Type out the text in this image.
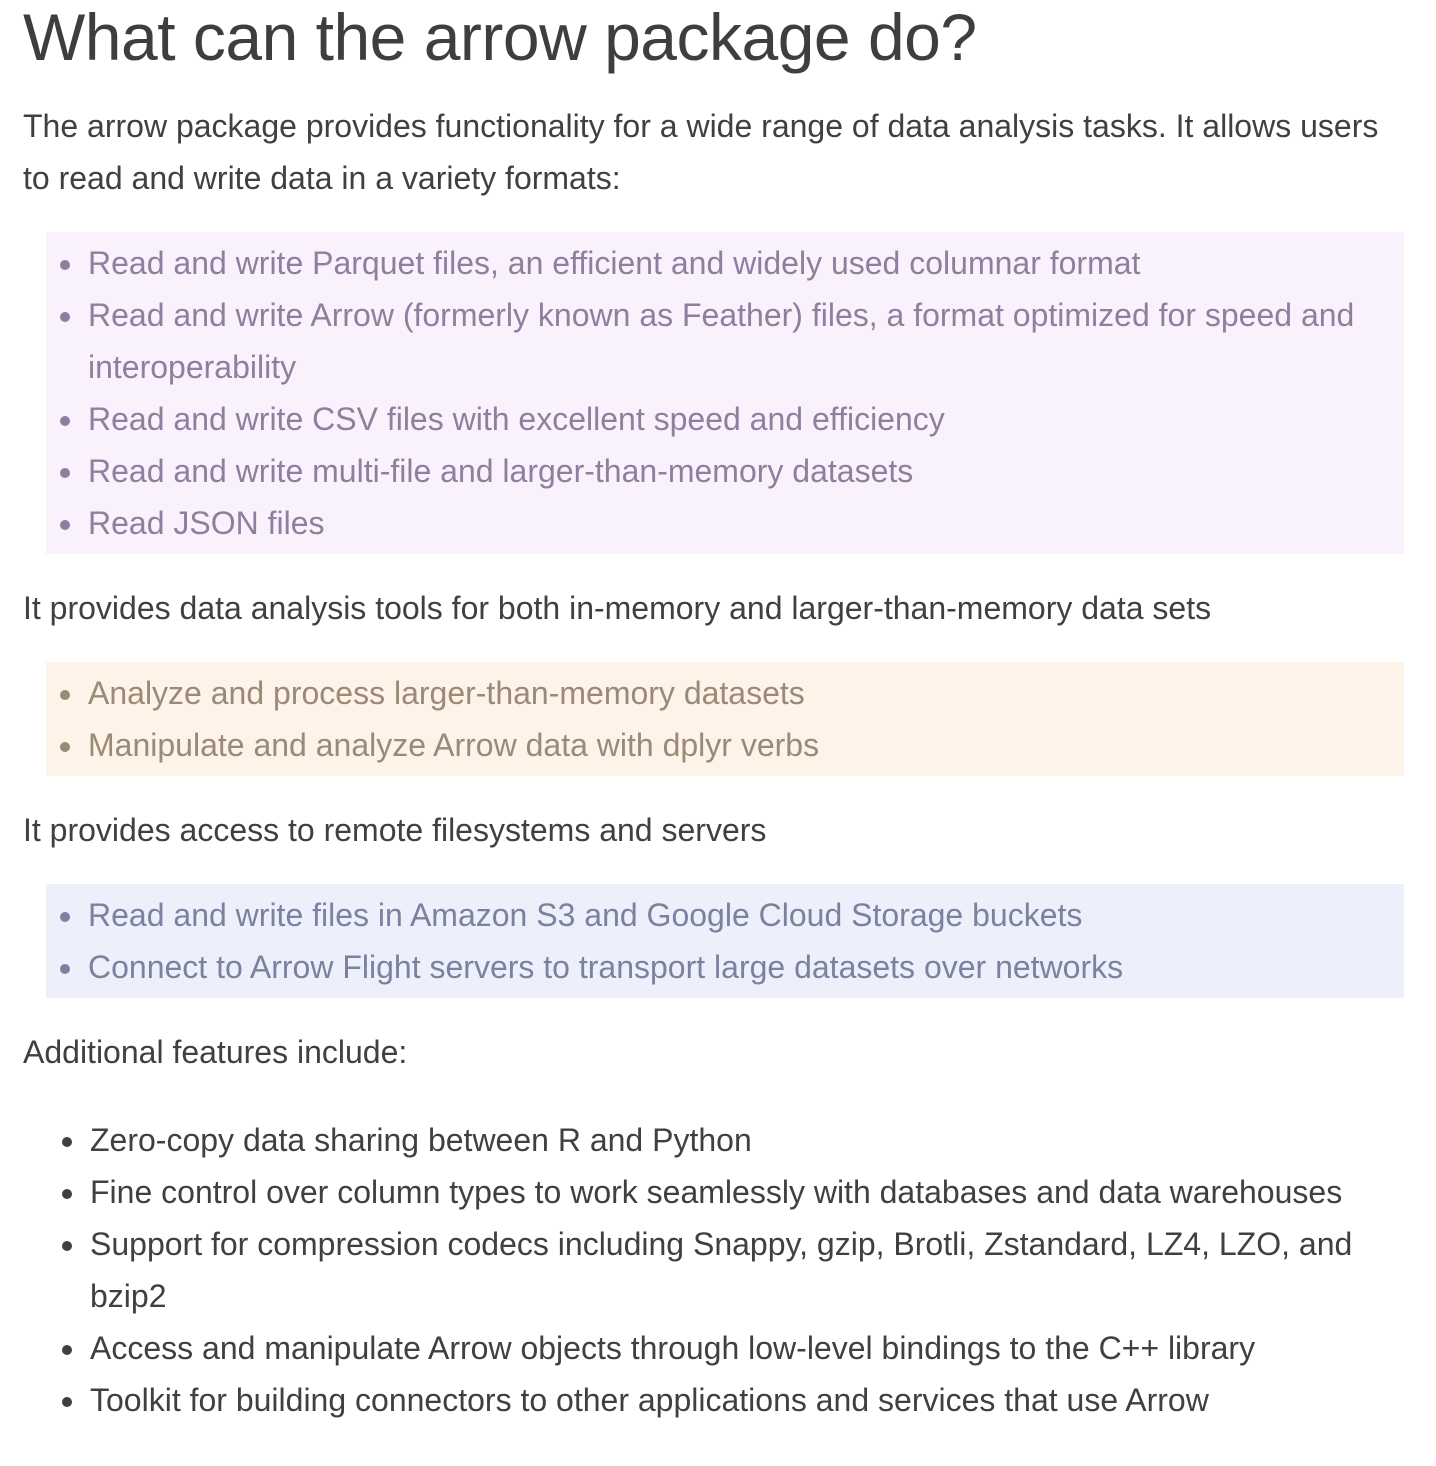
What can the arrow package do?

The arrow package provides functionality for a wide range of data analysis tasks. It allows users to read and write data in a variety formats:

• Read and write Parquet files, an efficient and widely used columnar format
• Read and write Arrow (formerly known as Feather) files, a format optimized for speed and interoperability
• Read and write CSV files with excellent speed and efficiency
• Read and write multi-file and larger-than-memory datasets
• Read JSON files

It provides data analysis tools for both in-memory and larger-than-memory data sets

• Analyze and process larger-than-memory datasets
• Manipulate and analyze Arrow data with dplyr verbs

It provides access to remote filesystems and servers

• Read and write files in Amazon S3 and Google Cloud Storage buckets
• Connect to Arrow Flight servers to transport large datasets over networks

Additional features include:

• Zero-copy data sharing between R and Python
• Fine control over column types to work seamlessly with databases and data warehouses
• Support for compression codecs including Snappy, gzip, Brotli, Zstandard, LZ4, LZO, and bzip2
• Access and manipulate Arrow objects through low-level bindings to the C++ library
• Toolkit for building connectors to other applications and services that use Arrow
